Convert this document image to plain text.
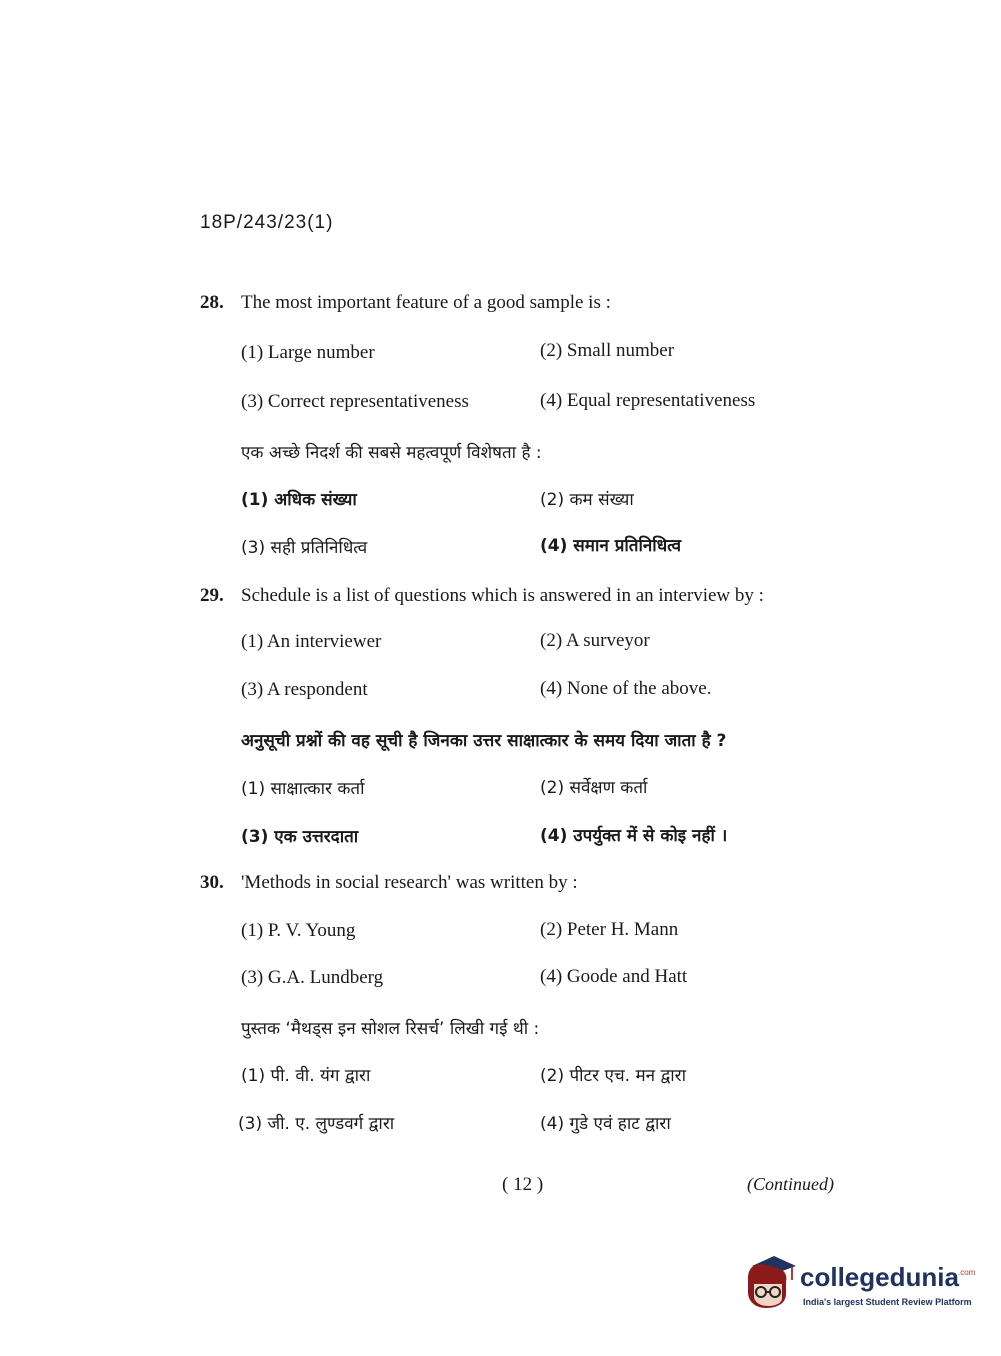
18P/243/23(1)
28. The most important feature of a good sample is :
(1) Large number	(2) Small number
(3) Correct representativeness	(4) Equal representativeness
एक अच्छे निदर्श की सबसे महत्वपूर्ण विशेषता है :
(1) अधिक संख्या	(2) कम संख्या
(3) सही प्रतिनिधित्व	(4) समान प्रतिनिधित्व
29. Schedule is a list of questions which is answered in an interview by :
(1) An interviewer	(2) A surveyor
(3) A respondent	(4) None of the above.
अनुसूची प्रश्नों की वह सूची है जिनका उत्तर साक्षात्कार के समय दिया जाता है ?
(1) साक्षात्कार कर्ता	(2) सर्वेक्षण कर्ता
(3) एक उत्तरदाता	(4) उपर्युक्त में से कोइ नहीं ।
30. 'Methods in social research' was written by :
(1) P. V. Young	(2) Peter H. Mann
(3) G.A. Lundberg	(4) Goode and Hatt
पुस्तक ‘मैथड्स इन सोशल रिसर्च’ लिखी गई थी :
(1) पी. वी. यंग द्वारा	(2) पीटर एच. मन द्वारा
(3) जी. ए. लुण्डवर्ग द्वारा	(4) गुडे एवं हाट द्वारा
( 12 )	(Continued)
collegedunia .com
India's largest Student Review Platform
